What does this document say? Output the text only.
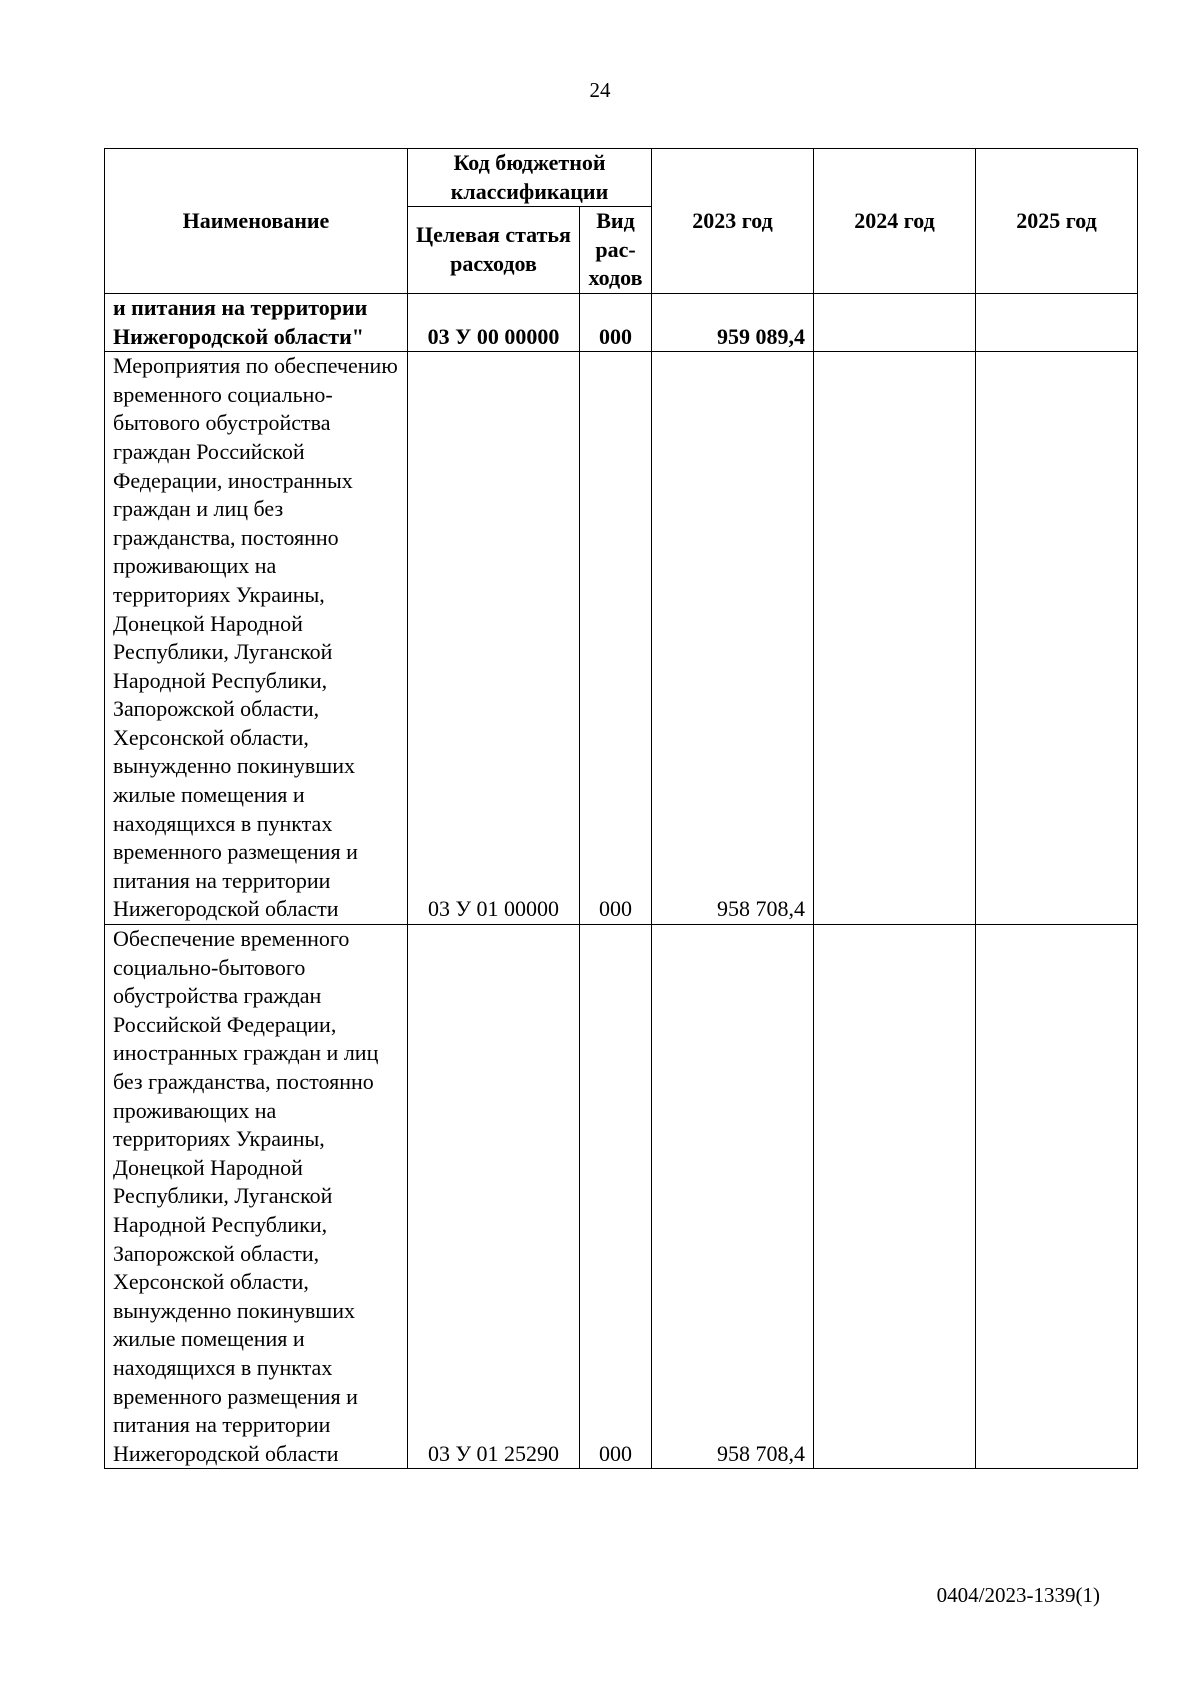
24
Наименование	Код бюджетной классификации		2023 год	2024 год	2025 год
	Целевая статья расходов	Вид рас-ходов			
и питания на территории Нижегородской области"	03 У 00 00000	000	959 089,4		
Мероприятия по обеспечению временного социально-бытового обустройства граждан Российской Федерации, иностранных граждан и лиц без гражданства, постоянно проживающих на территориях Украины, Донецкой Народной Республики, Луганской Народной Республики, Запорожской области, Херсонской области, вынужденно покинувших жилые помещения и находящихся в пунктах временного размещения и питания на территории Нижегородской области	03 У 01 00000	000	958 708,4		
Обеспечение временного социально-бытового обустройства граждан Российской Федерации, иностранных граждан и лиц без гражданства, постоянно проживающих на территориях Украины, Донецкой Народной Республики, Луганской Народной Республики, Запорожской области, Херсонской области, вынужденно покинувших жилые помещения и находящихся в пунктах временного размещения и питания на территории Нижегородской области	03 У 01 25290	000	958 708,4		
0404/2023-1339(1)
